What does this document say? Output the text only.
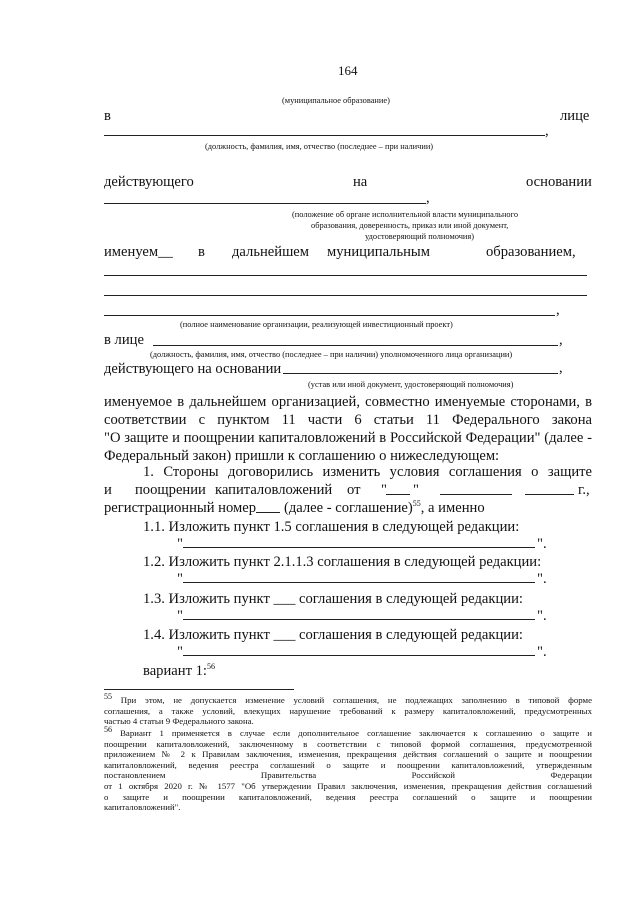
164
(муниципальное образование)
в	лице
,
(должность, фамилия, имя, отчество (последнее – при наличии)
действующего	на	основании
,
(положение об органе исполнительной власти муниципального
образования, доверенность, приказ или иной документ,
удостоверяющий полномочия)
именуем__ в дальнейшем муниципальным	образованием,
,
(полное наименование организации, реализующей инвестиционный проект)
в лице	,
(должность, фамилия, имя, отчество (последнее – при наличии) уполномоченного лица организации)
действующего на основании	,
(устав или иной документ, удостоверяющий полномочия)
именуемое в дальнейшем организацией, совместно именуемые сторонами, в
соответствии с пунктом 11 части 6 статьи 11 Федерального закона
"О защите и поощрении капиталовложений в Российской Федерации" (далее -
Федеральный закон) пришли к соглашению о нижеследующем:
1. Стороны договорились изменить условия соглашения о защите
и поощрении капиталовложений от " "	г.,
регистрационный номер (далее - соглашение)$^{55}$, а именно
1.1. Изложить пункт 1.5 соглашения в следующей редакции:
"	".
1.2. Изложить пункт 2.1.1.3 соглашения в следующей редакции:
"	".
1.3. Изложить пункт ___ соглашения в следующей редакции:
"	".
1.4. Изложить пункт ___ соглашения в следующей редакции:
"	".
вариант 1:$^{56}$
$^{55}$ При этом, не допускается изменение условий соглашения, не подлежащих заполнению в типовой форме
соглашения, а также условий, влекущих нарушение требований к размеру капиталовложений, предусмотренных
частью 4 статьи 9 Федерального закона.
$^{56}$ Вариант 1 применяется в случае если дополнительное соглашение заключается к соглашению о защите и
поощрении капиталовложений, заключенному в соответствии с типовой формой соглашения, предусмотренной
приложением № 2 к Правилам заключения, изменения, прекращения действия соглашений о защите и поощрении
капиталовложений, ведения реестра соглашений о защите и поощрении капиталовложений, утвержденным
постановлением Правительства Российской Федерации
от 1 октября 2020 г. № 1577 "Об утверждении Правил заключения, изменения, прекращения действия соглашений
о защите и поощрении капиталовложений, ведения реестра соглашений о защите и поощрении
капиталовложений".
